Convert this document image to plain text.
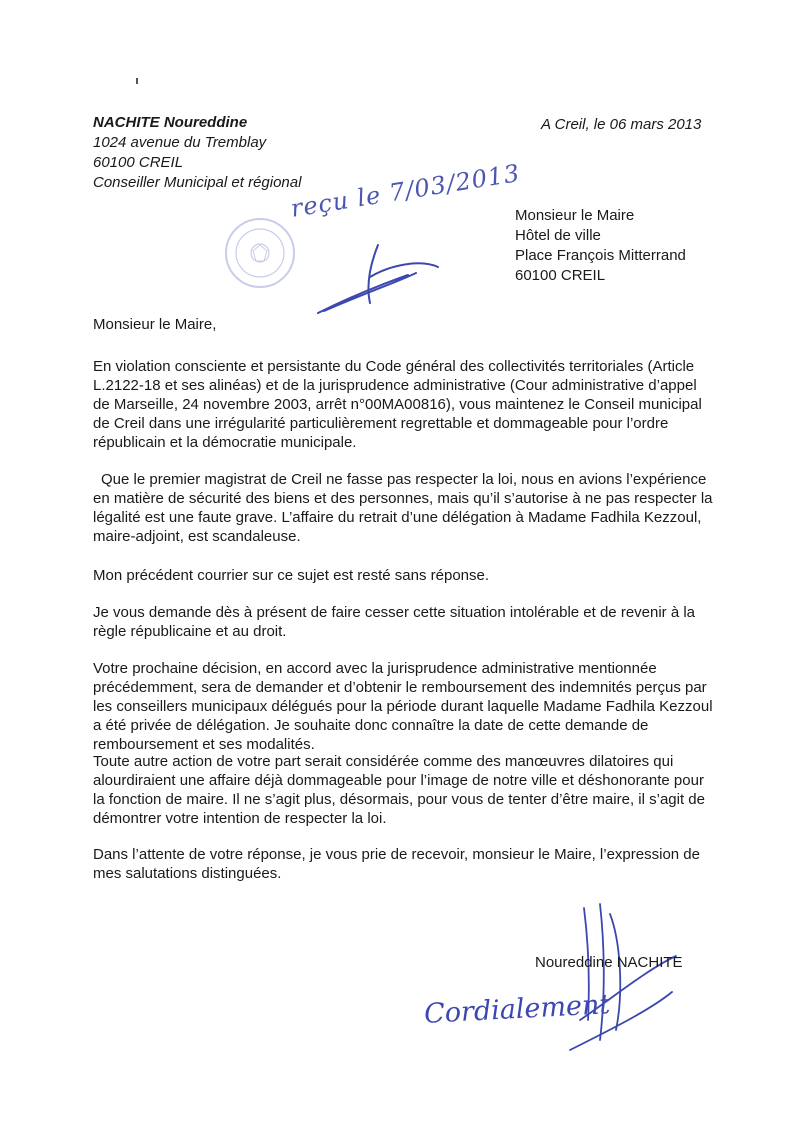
NACHITE Noureddine
1024 avenue du Tremblay
60100 CREIL
Conseiller Municipal et régional
A Creil, le 06 mars 2013
reçu le 7/03/2013
Monsieur le Maire
Hôtel de ville
Place François Mitterrand
60100 CREIL
Monsieur le Maire,

En violation consciente et persistante du Code général des collectivités territoriales (Article L.2122-18 et ses alinéas) et de la jurisprudence administrative (Cour administrative d’appel de Marseille, 24 novembre 2003, arrêt n°00MA00816), vous maintenez le Conseil municipal de Creil dans une irrégularité particulièrement regrettable et dommageable pour l’ordre républicain et la démocratie municipale.

Que le premier magistrat de Creil ne fasse pas respecter la loi, nous en avions l’expérience en matière de sécurité des biens et des personnes, mais qu’il s’autorise à ne pas respecter la légalité est une faute grave. L’affaire du retrait d’une délégation à Madame Fadhila Kezzoul, maire-adjoint, est scandaleuse.

Mon précédent courrier sur ce sujet est resté sans réponse.

Je vous demande dès à présent de faire cesser cette situation intolérable et de revenir à la règle républicaine et au droit.

Votre prochaine décision, en accord avec la jurisprudence administrative mentionnée précédemment, sera de demander et d’obtenir le remboursement des indemnités perçus par les conseillers municipaux délégués pour la période durant laquelle Madame Fadhila Kezzoul a été privée de délégation. Je souhaite donc connaître la date de cette demande de remboursement et ses modalités.

Toute autre action de votre part serait considérée comme des manœuvres dilatoires qui alourdiraient une affaire déjà dommageable pour l’image de notre ville et déshonorante pour la fonction de maire. Il ne s’agit plus, désormais, pour vous de tenter d’être maire, il s’agit de démontrer votre intention de respecter la loi.

Dans l’attente de votre réponse, je vous prie de recevoir, monsieur le Maire, l’expression de mes salutations distinguées.

Noureddine NACHITE
Cordialement
